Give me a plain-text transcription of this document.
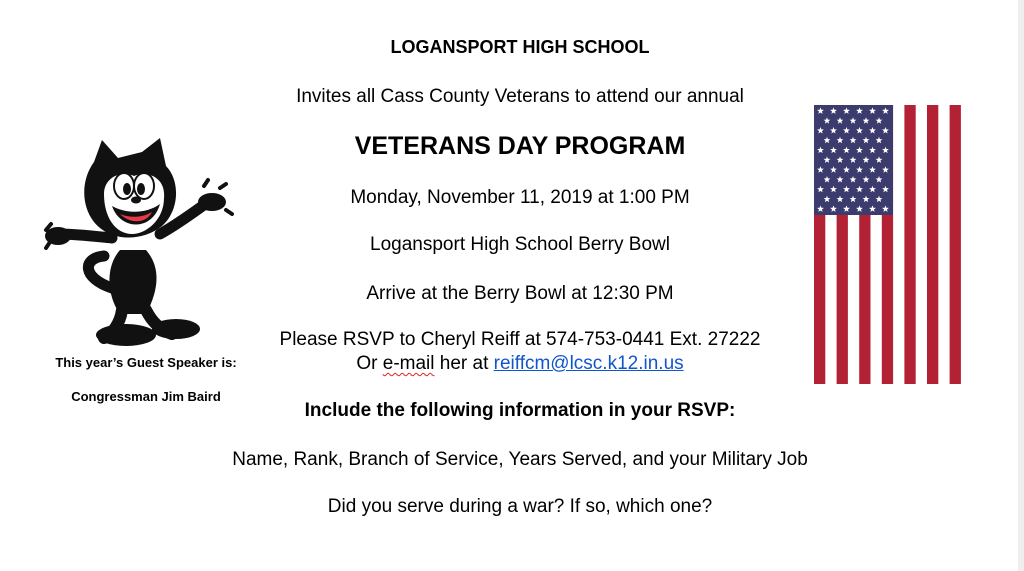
LOGANSPORT HIGH SCHOOL
Invites all Cass County Veterans to attend our annual
VETERANS DAY PROGRAM
Monday, November 11, 2019 at 1:00 PM
Logansport High School Berry Bowl
Arrive at the Berry Bowl at 12:30 PM
Please RSVP to Cheryl Reiff at 574-753-0441 Ext. 27222
Or e-mail her at reiffcm@lcsc.k12.in.us
Include the following information in your RSVP:
Name, Rank, Branch of Service, Years Served, and your Military Job
Did you serve during a war? If so, which one?
This year’s Guest Speaker is:
Congressman Jim Baird
